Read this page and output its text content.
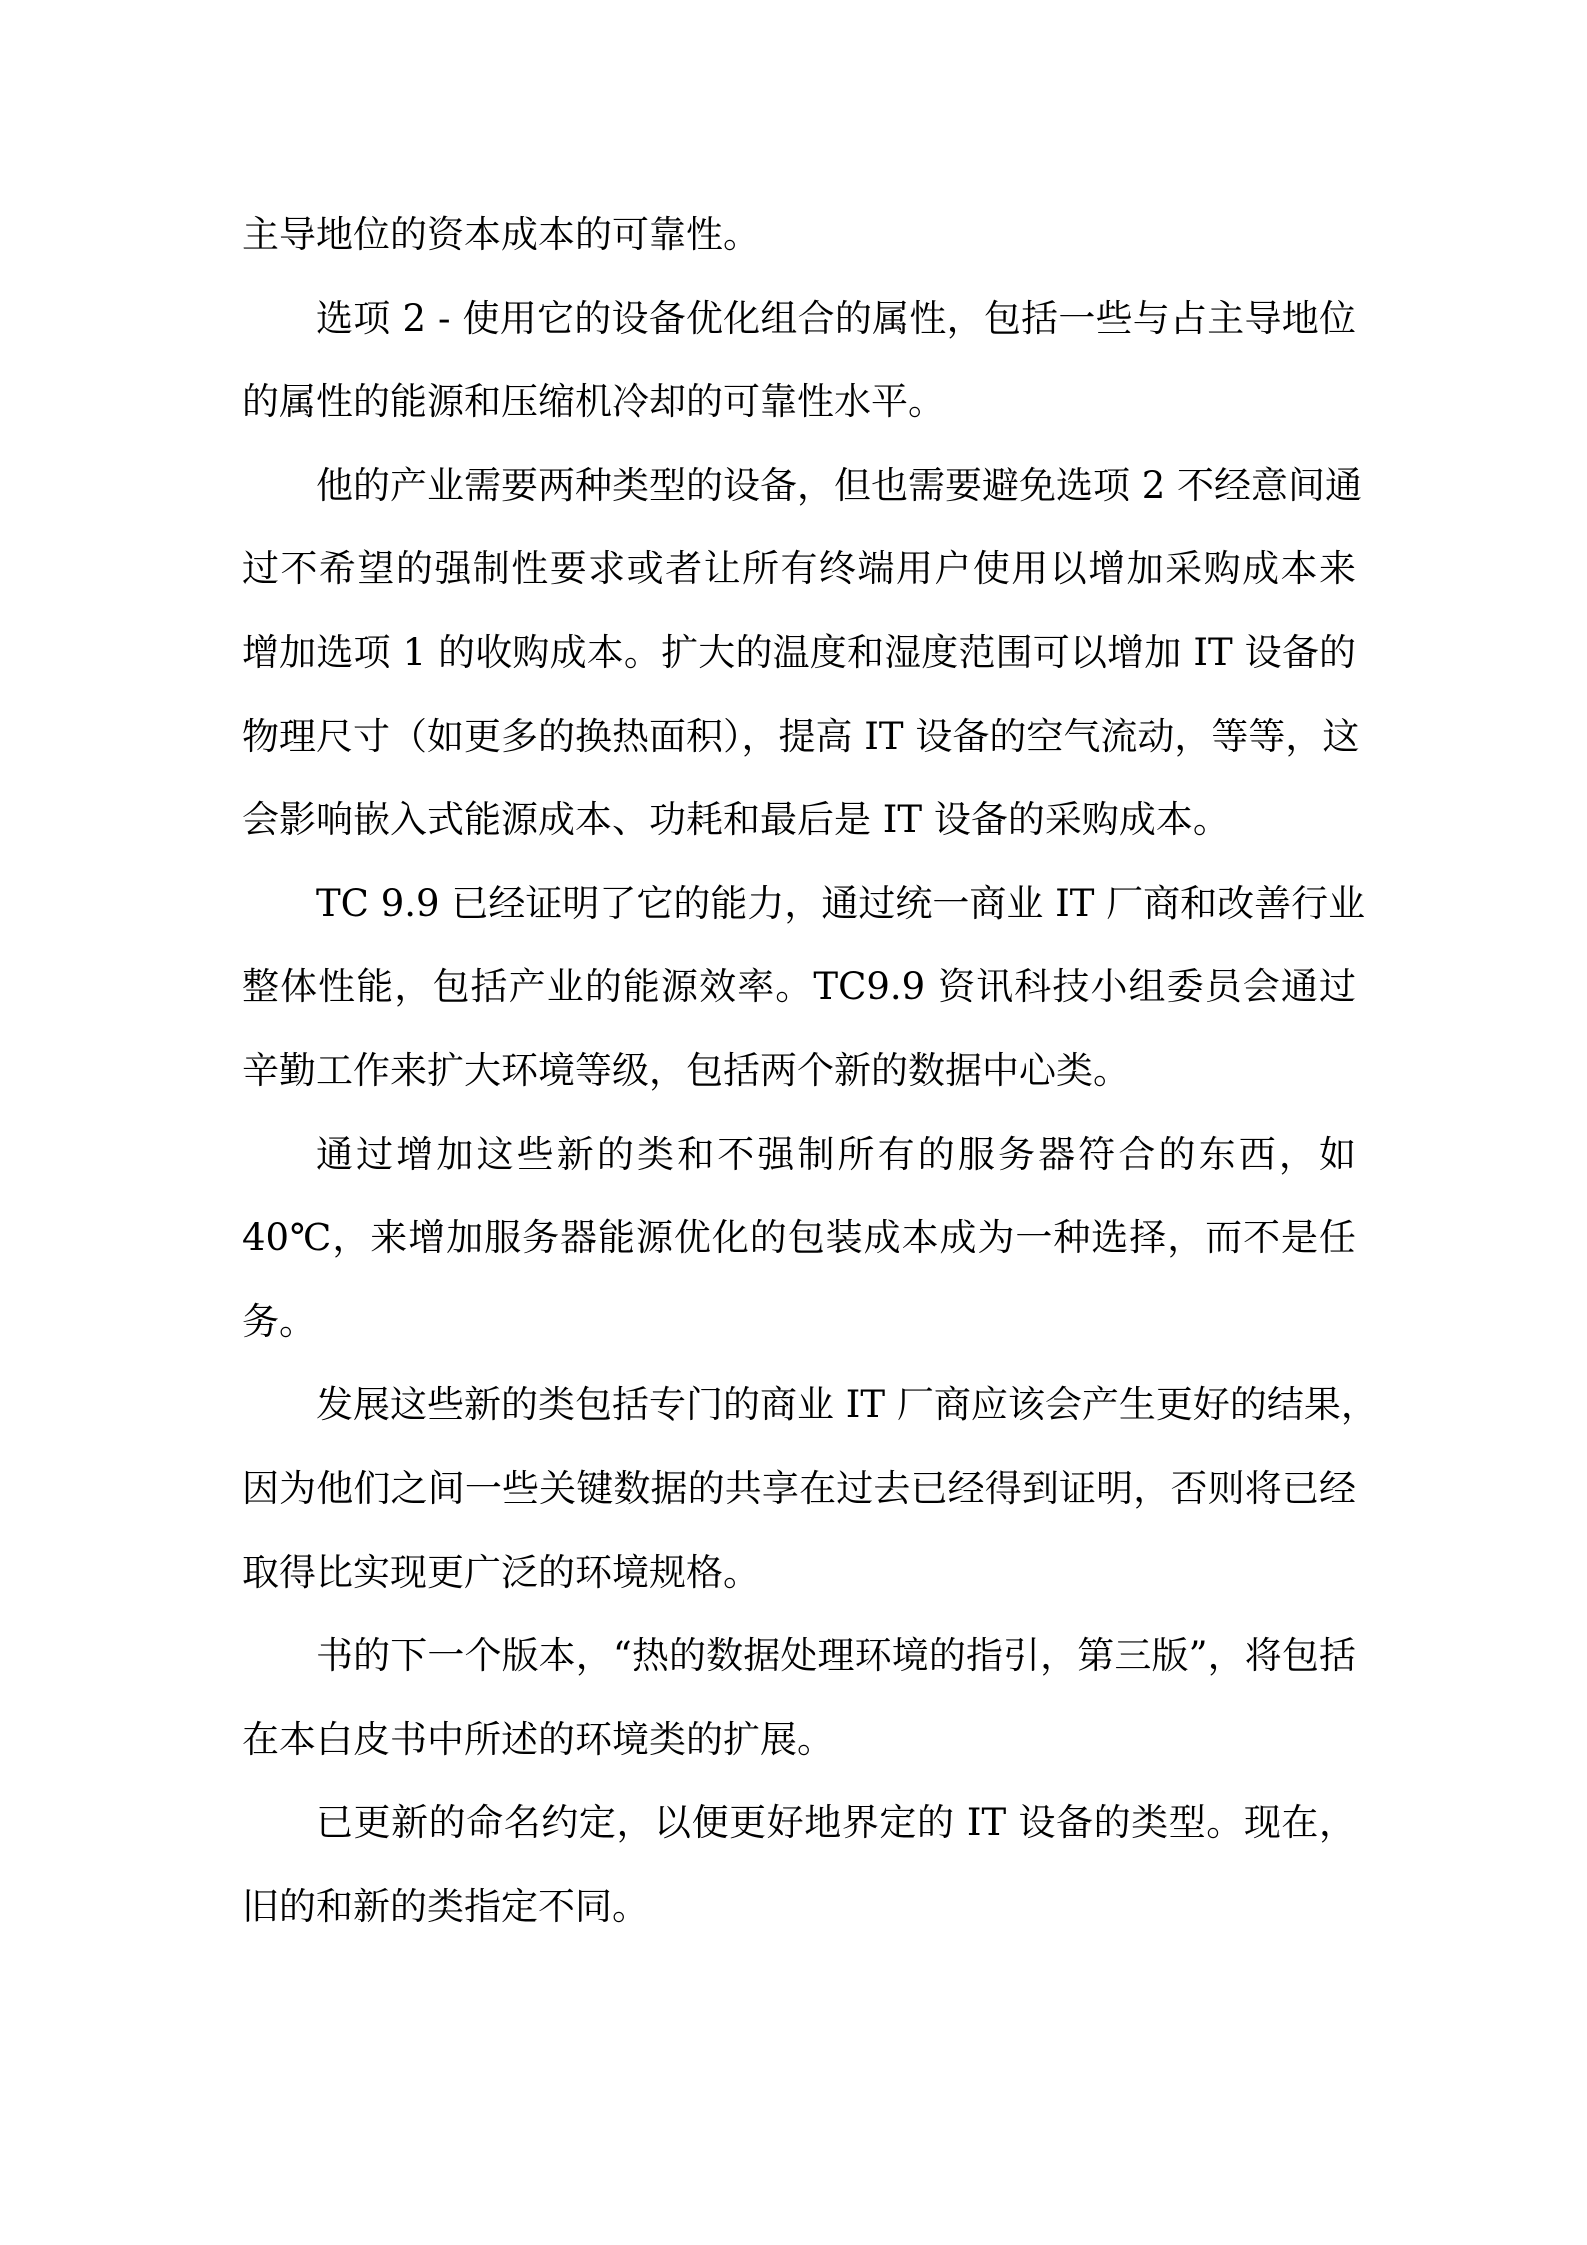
主导地位的资本成本的可靠性。
选项 2 - 使用它的设备优化组合的属性，包括一些与占主导地位
的属性的能源和压缩机冷却的可靠性水平。
他的产业需要两种类型的设备，但也需要避免选项 2 不经意间通
过不希望的强制性要求或者让所有终端用户使用以增加采购成本来
增加选项 1 的收购成本。扩大的温度和湿度范围可以增加 IT 设备的
物理尺寸（如更多的换热面积），提高 IT 设备的空气流动，等等，这
会影响嵌入式能源成本、功耗和最后是 IT 设备的采购成本。
TC 9.9 已经证明了它的能力，通过统一商业 IT 厂商和改善行业
整体性能，包括产业的能源效率。TC9.9 资讯科技小组委员会通过
辛勤工作来扩大环境等级，包括两个新的数据中心类。
通过增加这些新的类和不强制所有的服务器符合的东西，如
40℃，来增加服务器能源优化的包装成本成为一种选择，而不是任
务。
发展这些新的类包括专门的商业 IT 厂商应该会产生更好的结果，
因为他们之间一些关键数据的共享在过去已经得到证明，否则将已经
取得比实现更广泛的环境规格。
书的下一个版本，“热的数据处理环境的指引，第三版”，将包括
在本白皮书中所述的环境类的扩展。
已更新的命名约定，以便更好地界定的 IT 设备的类型。现在，
旧的和新的类指定不同。
